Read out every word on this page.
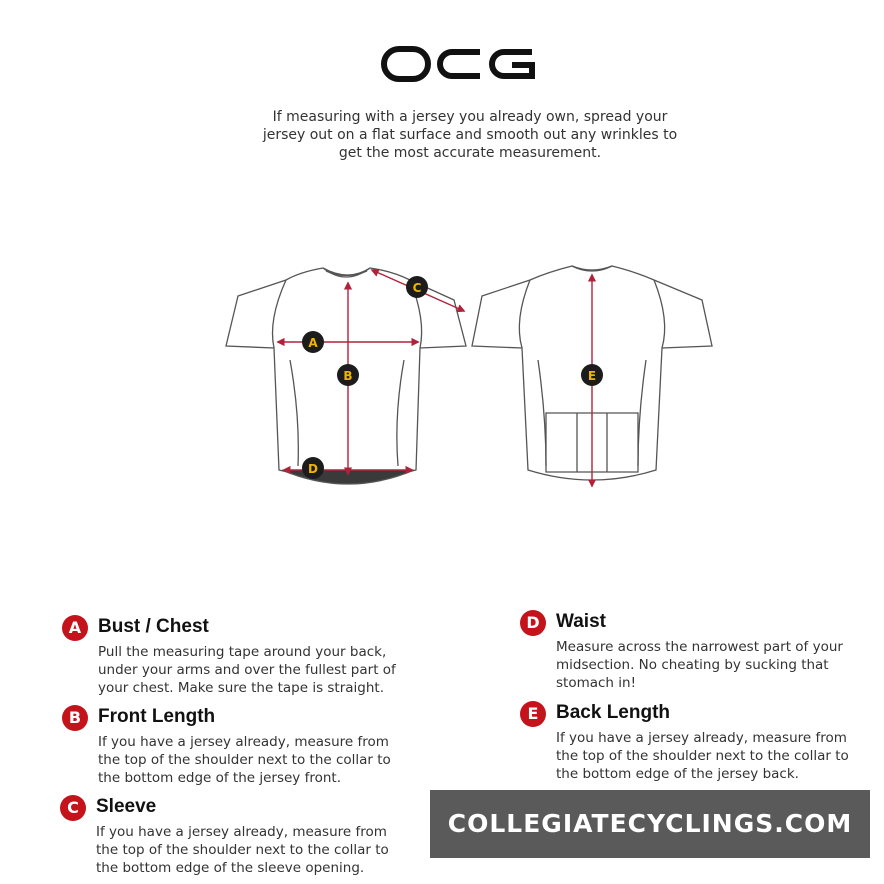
If measuring with a jersey you already own, spread your
jersey out on a flat surface and smooth out any wrinkles to
get the most accurate measurement.
A
B
C
D
E
A Bust / Chest
Pull the measuring tape around your back,
under your arms and over the fullest part of
your chest. Make sure the tape is straight.
B Front Length
If you have a jersey already, measure from
the top of the shoulder next to the collar to
the bottom edge of the jersey front.
C Sleeve
If you have a jersey already, measure from
the top of the shoulder next to the collar to
the bottom edge of the sleeve opening.
D Waist
Measure across the narrowest part of your
midsection. No cheating by sucking that
stomach in!
E Back Length
If you have a jersey already, measure from
the top of the shoulder next to the collar to
the bottom edge of the jersey back.
COLLEGIATECYCLINGS.COM
